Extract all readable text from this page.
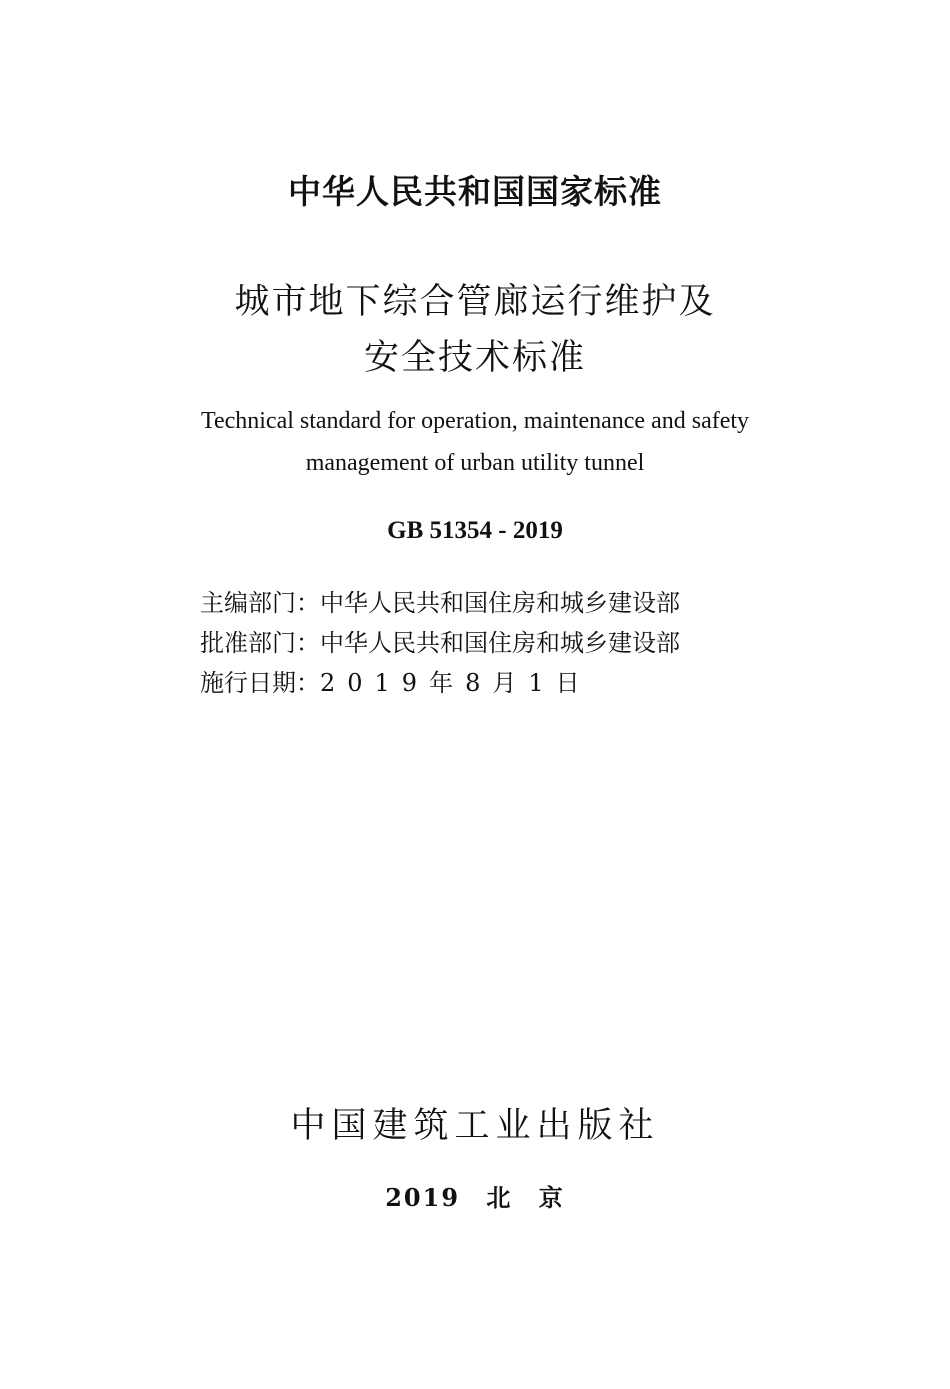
中华人民共和国国家标准
城市地下综合管廊运行维护及
安全技术标准
Technical standard for operation, maintenance and safety
management of urban utility tunnel
GB 51354 - 2019
主编部门：中华人民共和国住房和城乡建设部
批准部门：中华人民共和国住房和城乡建设部
施行日期：2019年8月1日
中国建筑工业出版社
2019 北 京
